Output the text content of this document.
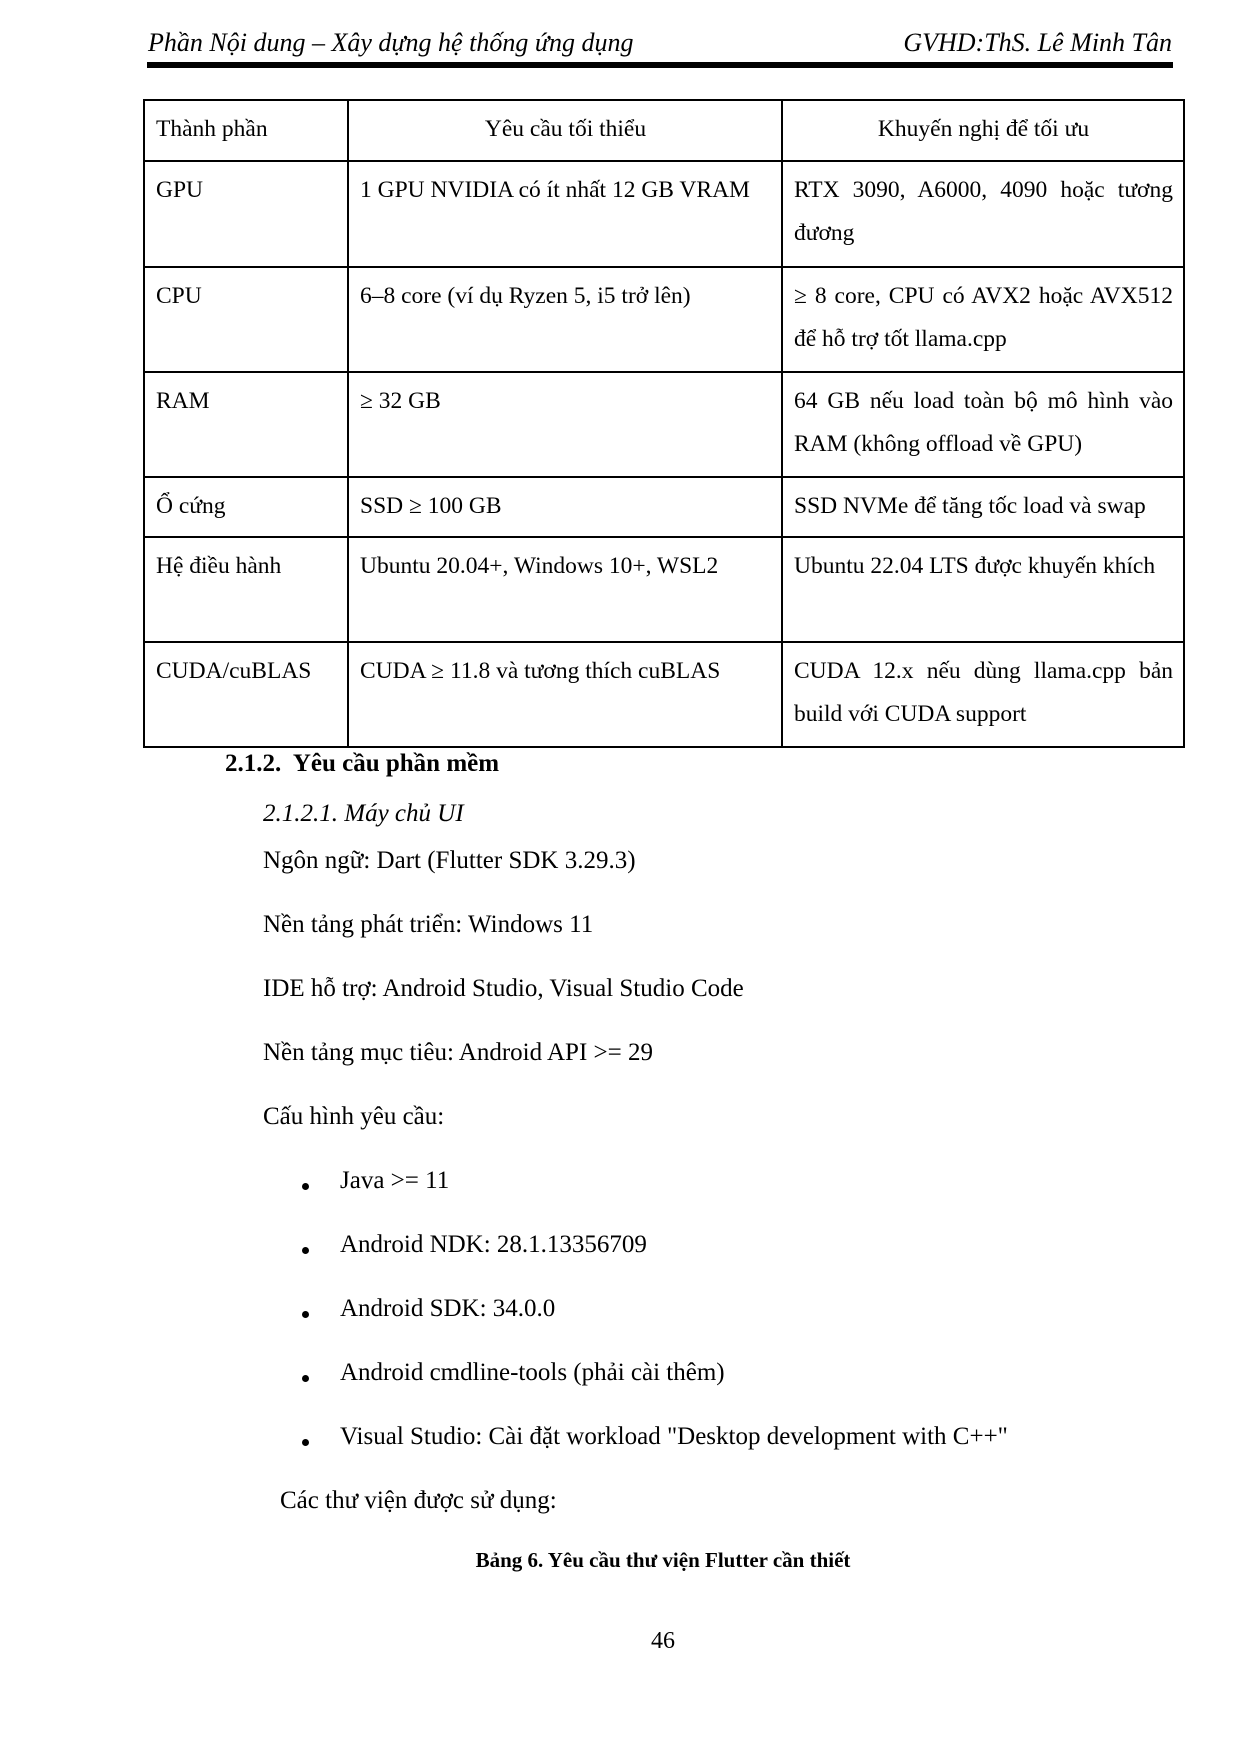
Phần Nội dung – Xây dựng hệ thống ứng dụng	GVHD:ThS. Lê Minh Tân
Thành phần	Yêu cầu tối thiểu	Khuyến nghị để tối ưu
GPU	1 GPU NVIDIA có ít nhất 12 GB VRAM	RTX 3090, A6000, 4090 hoặc tương đương
CPU	6–8 core (ví dụ Ryzen 5, i5 trở lên)	≥ 8 core, CPU có AVX2 hoặc AVX512 để hỗ trợ tốt llama.cpp
RAM	≥ 32 GB	64 GB nếu load toàn bộ mô hình vào RAM (không offload về GPU)
Ổ cứng	SSD ≥ 100 GB	SSD NVMe để tăng tốc load và swap
Hệ điều hành	Ubuntu 20.04+, Windows 10+, WSL2	Ubuntu 22.04 LTS được khuyến khích
CUDA/cuBLAS	CUDA ≥ 11.8 và tương thích cuBLAS	CUDA 12.x nếu dùng llama.cpp bản build với CUDA support
2.1.2.  Yêu cầu phần mềm
2.1.2.1. Máy chủ UI
Ngôn ngữ: Dart (Flutter SDK 3.29.3)
Nền tảng phát triển: Windows 11
IDE hỗ trợ: Android Studio, Visual Studio Code
Nền tảng mục tiêu: Android API >= 29
Cấu hình yêu cầu:
Java >= 11
Android NDK: 28.1.13356709
Android SDK: 34.0.0
Android cmdline-tools (phải cài thêm)
Visual Studio: Cài đặt workload "Desktop development with C++"
Các thư viện được sử dụng:
Bảng 6. Yêu cầu thư viện Flutter cần thiết
46
